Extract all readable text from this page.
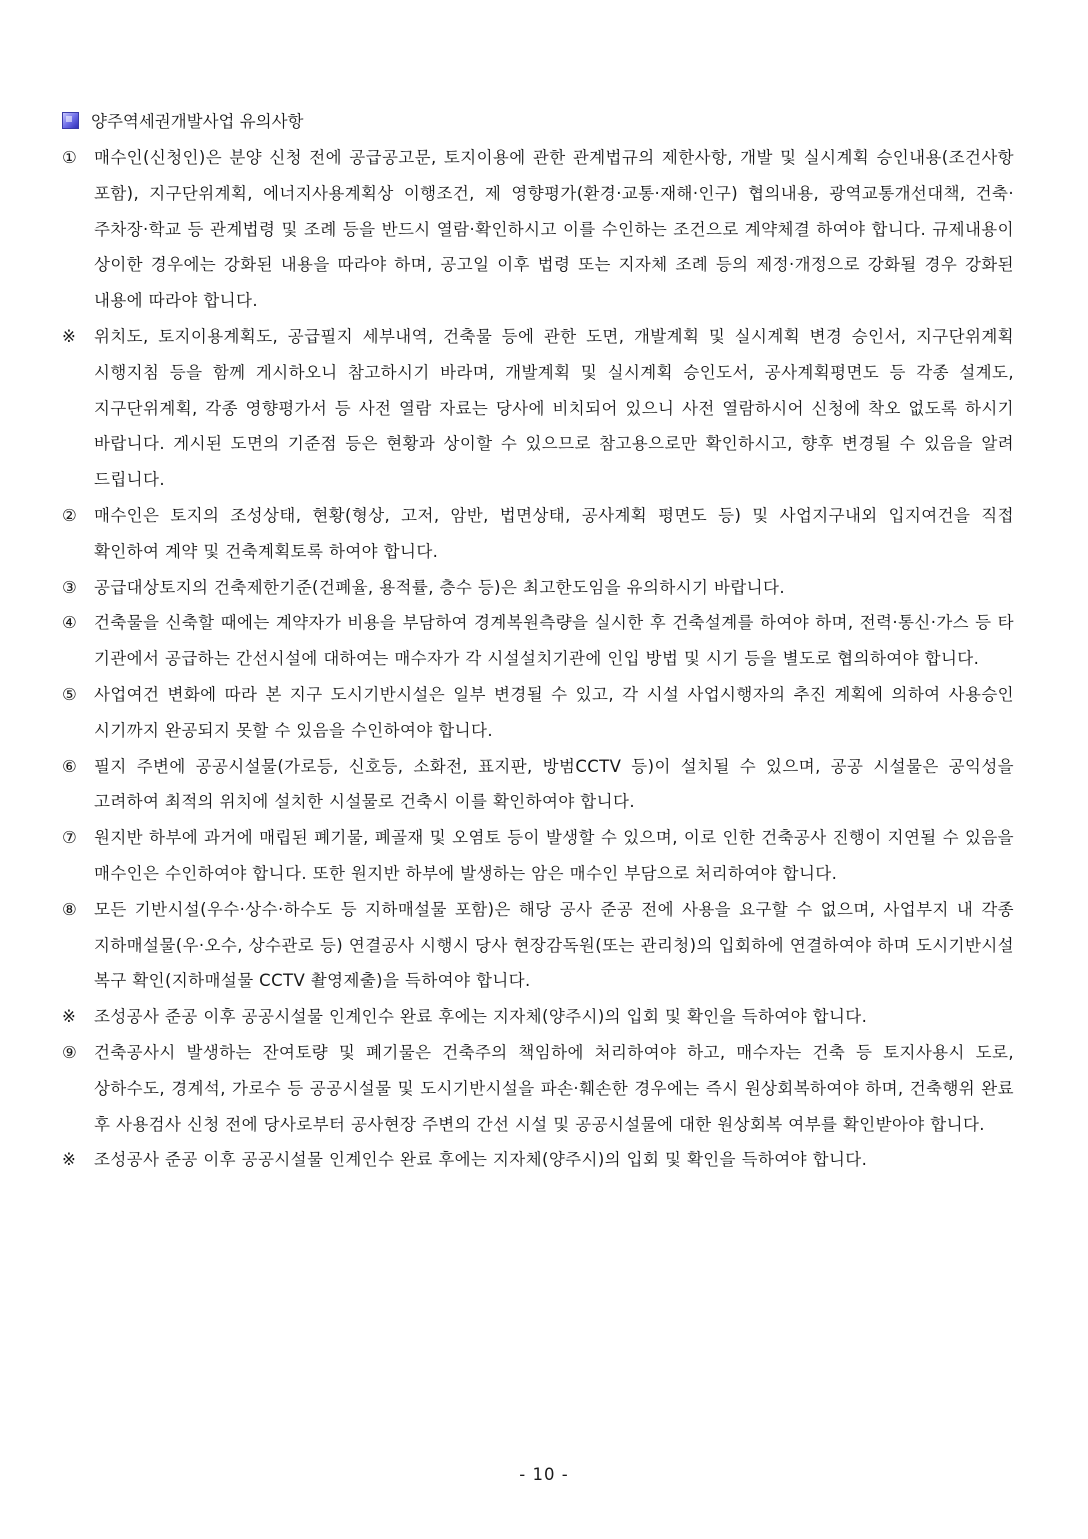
양주역세권개발사업 유의사항
①	매수인(신청인)은 분양 신청 전에 공급공고문, 토지이용에 관한 관계법규의 제한사항, 개발 및 실시계획 승인내용(조건사항 포함), 지구단위계획, 에너지사용계획상 이행조건, 제 영향평가(환경·교통·재해·인구) 협의내용, 광역교통개선대책, 건축·주차장·학교 등 관계법령 및 조례 등을 반드시 열람·확인하시고 이를 수인하는 조건으로 계약체결 하여야 합니다. 규제내용이 상이한 경우에는 강화된 내용을 따라야 하며, 공고일 이후 법령 또는 지자체 조례 등의 제정·개정으로 강화될 경우 강화된 내용에 따라야 합니다.
※	위치도, 토지이용계획도, 공급필지 세부내역, 건축물 등에 관한 도면, 개발계획 및 실시계획 변경 승인서, 지구단위계획 시행지침 등을 함께 게시하오니 참고하시기 바라며, 개발계획 및 실시계획 승인도서, 공사계획평면도 등 각종 설계도, 지구단위계획, 각종 영향평가서 등 사전 열람 자료는 당사에 비치되어 있으니 사전 열람하시어 신청에 착오 없도록 하시기 바랍니다. 게시된 도면의 기준점 등은 현황과 상이할 수 있으므로 참고용으로만 확인하시고, 향후 변경될 수 있음을 알려 드립니다.
②	매수인은 토지의 조성상태, 현황(형상, 고저, 암반, 법면상태, 공사계획 평면도 등) 및 사업지구내외 입지여건을 직접 확인하여 계약 및 건축계획토록 하여야 합니다.
③	공급대상토지의 건축제한기준(건폐율, 용적률, 층수 등)은 최고한도임을 유의하시기 바랍니다.
④	건축물을 신축할 때에는 계약자가 비용을 부담하여 경계복원측량을 실시한 후 건축설계를 하여야 하며, 전력·통신·가스 등 타 기관에서 공급하는 간선시설에 대하여는 매수자가 각 시설설치기관에 인입 방법 및 시기 등을 별도로 협의하여야 합니다.
⑤	사업여건 변화에 따라 본 지구 도시기반시설은 일부 변경될 수 있고, 각 시설 사업시행자의 추진 계획에 의하여 사용승인 시기까지 완공되지 못할 수 있음을 수인하여야 합니다.
⑥	필지 주변에 공공시설물(가로등, 신호등, 소화전, 표지판, 방범CCTV 등)이 설치될 수 있으며, 공공 시설물은 공익성을 고려하여 최적의 위치에 설치한 시설물로 건축시 이를 확인하여야 합니다.
⑦	원지반 하부에 과거에 매립된 폐기물, 폐골재 및 오염토 등이 발생할 수 있으며, 이로 인한 건축공사 진행이 지연될 수 있음을 매수인은 수인하여야 합니다. 또한 원지반 하부에 발생하는 암은 매수인 부담으로 처리하여야 합니다.
⑧	모든 기반시설(우수·상수·하수도 등 지하매설물 포함)은 해당 공사 준공 전에 사용을 요구할 수 없으며, 사업부지 내 각종 지하매설물(우·오수, 상수관로 등) 연결공사 시행시 당사 현장감독원(또는 관리청)의 입회하에 연결하여야 하며 도시기반시설 복구 확인(지하매설물 CCTV 촬영제출)을 득하여야 합니다.
※	조성공사 준공 이후 공공시설물 인계인수 완료 후에는 지자체(양주시)의 입회 및 확인을 득하여야 합니다.
⑨	건축공사시 발생하는 잔여토량 및 폐기물은 건축주의 책임하에 처리하여야 하고, 매수자는 건축 등 토지사용시 도로, 상하수도, 경계석, 가로수 등 공공시설물 및 도시기반시설을 파손·훼손한 경우에는 즉시 원상회복하여야 하며, 건축행위 완료 후 사용검사 신청 전에 당사로부터 공사현장 주변의 간선 시설 및 공공시설물에 대한 원상회복 여부를 확인받아야 합니다.
※	조성공사 준공 이후 공공시설물 인계인수 완료 후에는 지자체(양주시)의 입회 및 확인을 득하여야 합니다.
- 10 -
